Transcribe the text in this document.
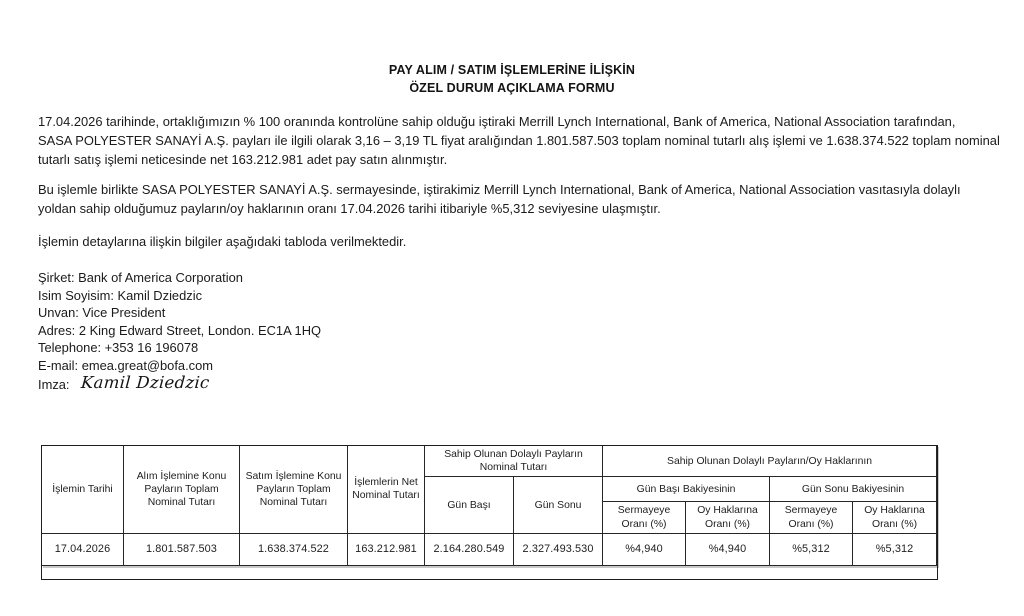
PAY ALIM / SATIM İŞLEMLERİNE İLİŞKİN
ÖZEL DURUM AÇIKLAMA FORMU

17.04.2026 tarihinde, ortaklığımızın % 100 oranında kontrolüne sahip olduğu iştiraki Merrill Lynch International, Bank of America, National Association tarafından,

SASA POLYESTER SANAYİ A.Ş. payları ile ilgili olarak 3,16 – 3,19 TL fiyat aralığından 1.801.587.503 toplam nominal tutarlı alış işlemi ve 1.638.374.522 toplam nominal

tutarlı satış işlemi neticesinde net 163.212.981 adet pay satın alınmıştır.

Bu işlemle birlikte SASA POLYESTER SANAYİ A.Ş. sermayesinde, iştirakimiz Merrill Lynch International, Bank of America, National Association vasıtasıyla dolaylı

yoldan sahip olduğumuz payların/oy haklarının oranı 17.04.2026 tarihi itibariyle %5,312 seviyesine ulaşmıştır.

İşlemin detaylarına ilişkin bilgiler aşağıdaki tabloda verilmektedir.

Şirket: Bank of America Corporation
Isim Soyisim: Kamil Dziedzic
Unvan: Vice President
Adres: 2 King Edward Street, London. EC1A 1HQ
Telephone: +353 16 196078
E-mail: emea.great@bofa.com
Imza: Kamil Dziedzic
İşlemin Tarihi	Alım İşlemine Konu Payların Toplam Nominal Tutarı	Satım İşlemine Konu Payların Toplam Nominal Tutarı	İşlemlerin Net Nominal Tutarı	Sahip Olunan Dolaylı Payların Nominal Tutarı		Sahip Olunan Dolaylı Payların/Oy Haklarının			
				Gün Başı	Gün Sonu	Gün Başı Bakiyesinin		Gün Sonu Bakiyesinin	
						Sermayeye Oranı (%)	Oy Haklarına Oranı (%)	Sermayeye Oranı (%)	Oy Haklarına Oranı (%)
17.04.2026	1.801.587.503	1.638.374.522	163.212.981	2.164.280.549	2.327.493.530	%4,940	%4,940	%5,312	%5,312
